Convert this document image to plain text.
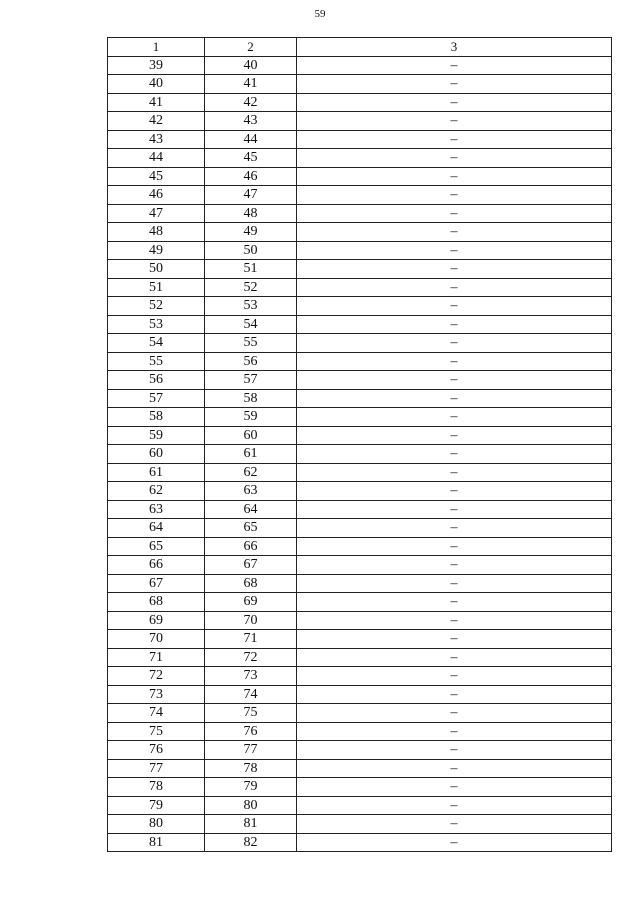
59
1	2	3
39	40	–
40	41	–
41	42	–
42	43	–
43	44	–
44	45	–
45	46	–
46	47	–
47	48	–
48	49	–
49	50	–
50	51	–
51	52	–
52	53	–
53	54	–
54	55	–
55	56	–
56	57	–
57	58	–
58	59	–
59	60	–
60	61	–
61	62	–
62	63	–
63	64	–
64	65	–
65	66	–
66	67	–
67	68	–
68	69	–
69	70	–
70	71	–
71	72	–
72	73	–
73	74	–
74	75	–
75	76	–
76	77	–
77	78	–
78	79	–
79	80	–
80	81	–
81	82	–
